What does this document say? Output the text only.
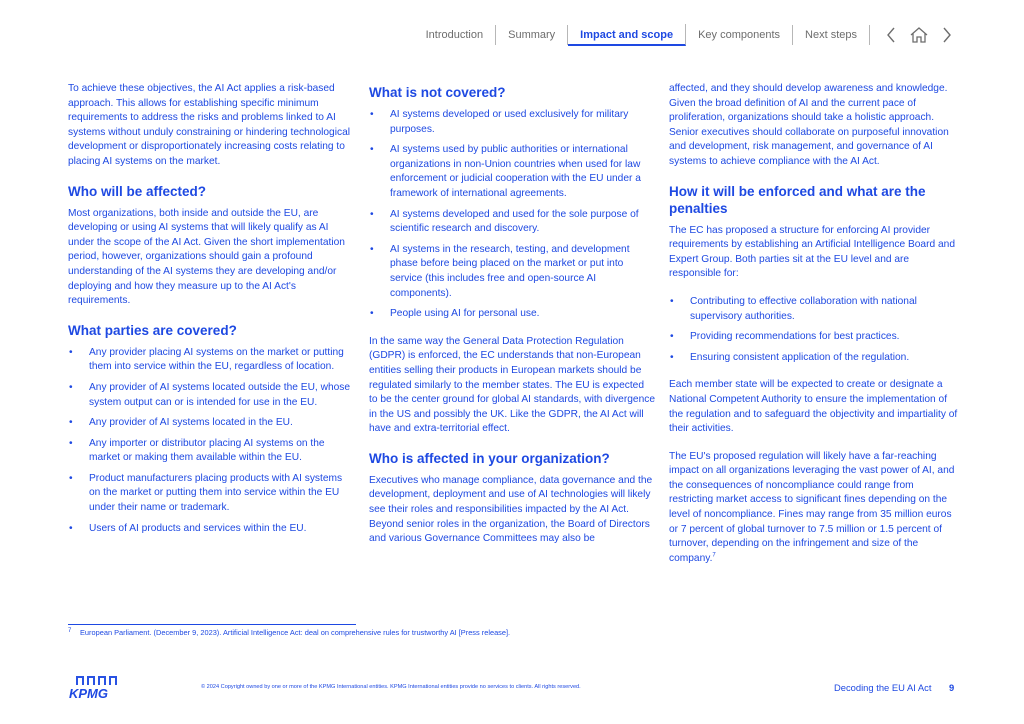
Introduction	Summary	Impact and scope	Key components	Next steps

To achieve these objectives, the AI Act applies a risk-based approach. This allows for establishing specific minimum requirements to address the risks and problems linked to AI systems without unduly constraining or hindering technological development or disproportionately increasing costs relating to placing AI systems on the market.

Who will be affected?

Most organizations, both inside and outside the EU, are developing or using AI systems that will likely qualify as AI under the scope of the AI Act. Given the short implementation period, however, organizations should gain a profound understanding of the AI systems they are developing and/or deploying and how they measure up to the AI Act's requirements.

What parties are covered?
• Any provider placing AI systems on the market or putting them into service within the EU, regardless of location.
• Any provider of AI systems located outside the EU, whose system output can or is intended for use in the EU.
• Any provider of AI systems located in the EU.
• Any importer or distributor placing AI systems on the market or making them available within the EU.
• Product manufacturers placing products with AI systems on the market or putting them into service within the EU under their name or trademark.
• Users of AI products and services within the EU.
What is not covered?
• AI systems developed or used exclusively for military purposes.
• AI systems used by public authorities or international organizations in non-Union countries when used for law enforcement or judicial cooperation with the EU under a framework of international agreements.
• AI systems developed and used for the sole purpose of scientific research and discovery.
• AI systems in the research, testing, and development phase before being placed on the market or put into service (this includes free and open-source AI components).
• People using AI for personal use.

In the same way the General Data Protection Regulation (GDPR) is enforced, the EC understands that non-European entities selling their products in European markets should be regulated similarly to the member states. The EU is expected to be the center ground for global AI standards, with divergence in the US and possibly the UK. Like the GDPR, the AI Act will have and extra-territorial effect.

Who is affected in your organization?

Executives who manage compliance, data governance and the development, deployment and use of AI technologies will likely see their roles and responsibilities impacted by the AI Act. Beyond senior roles in the organization, the Board of Directors and various Governance Committees may also be

affected, and they should develop awareness and knowledge. Given the broad definition of AI and the current pace of proliferation, organizations should take a holistic approach. Senior executives should collaborate on purposeful innovation and development, risk management, and governance of AI systems to achieve compliance with the AI Act.

How it will be enforced and what are the penalties

The EC has proposed a structure for enforcing AI provider requirements by establishing an Artificial Intelligence Board and Expert Group. Both parties sit at the EU level and are responsible for:

• Contributing to effective collaboration with national supervisory authorities.
• Providing recommendations for best practices.
• Ensuring consistent application of the regulation.

Each member state will be expected to create or designate a National Competent Authority to ensure the implementation of the regulation and to safeguard the objectivity and impartiality of their activities.

The EU's proposed regulation will likely have a far-reaching impact on all organizations leveraging the vast power of AI, and the consequences of noncompliance could range from restricting market access to significant fines depending on the level of noncompliance. Fines may range from 35 million euros or 7 percent of global turnover to 7.5 million or 1.5 percent of turnover, depending on the infringement and size of the company.$^7$

7 European Parliament. (December 9, 2023). Artificial Intelligence Act: deal on comprehensive rules for trustworthy AI [Press release].
KPMG	© 2024 Copyright owned by one or more of the KPMG International entities. KPMG International entities provide no services to clients. All rights reserved.	Decoding the EU AI Act 9
